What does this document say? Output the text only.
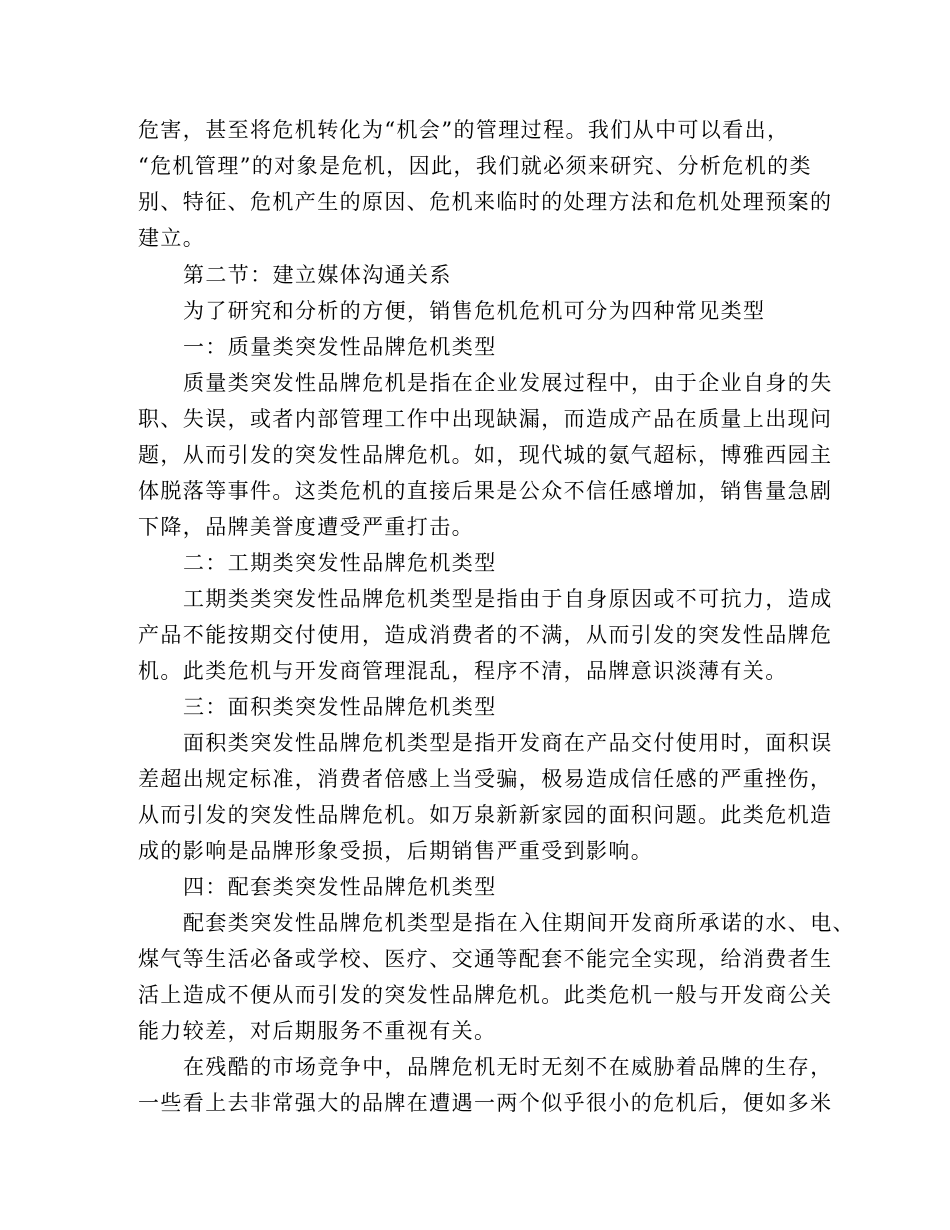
危害，甚至将危机转化为“机会”的管理过程。我们从中可以看出，
“危机管理”的对象是危机，因此，我们就必须来研究、分析危机的类
别、特征、危机产生的原因、危机来临时的处理方法和危机处理预案的
建立。
第二节：建立媒体沟通关系
为了研究和分析的方便，销售危机危机可分为四种常见类型
一：质量类突发性品牌危机类型
质量类突发性品牌危机是指在企业发展过程中，由于企业自身的失
职、失误，或者内部管理工作中出现缺漏，而造成产品在质量上出现问
题，从而引发的突发性品牌危机。如，现代城的氨气超标，博雅西园主
体脱落等事件。这类危机的直接后果是公众不信任感增加，销售量急剧
下降，品牌美誉度遭受严重打击。
二：工期类突发性品牌危机类型
工期类类突发性品牌危机类型是指由于自身原因或不可抗力，造成
产品不能按期交付使用，造成消费者的不满，从而引发的突发性品牌危
机。此类危机与开发商管理混乱，程序不清，品牌意识淡薄有关。
三：面积类突发性品牌危机类型
面积类突发性品牌危机类型是指开发商在产品交付使用时，面积误
差超出规定标准，消费者倍感上当受骗，极易造成信任感的严重挫伤，
从而引发的突发性品牌危机。如万泉新新家园的面积问题。此类危机造
成的影响是品牌形象受损，后期销售严重受到影响。
四：配套类突发性品牌危机类型
配套类突发性品牌危机类型是指在入住期间开发商所承诺的水、电、
煤气等生活必备或学校、医疗、交通等配套不能完全实现，给消费者生
活上造成不便从而引发的突发性品牌危机。此类危机一般与开发商公关
能力较差，对后期服务不重视有关。
在残酷的市场竞争中，品牌危机无时无刻不在威胁着品牌的生存，
一些看上去非常强大的品牌在遭遇一两个似乎很小的危机后，便如多米
